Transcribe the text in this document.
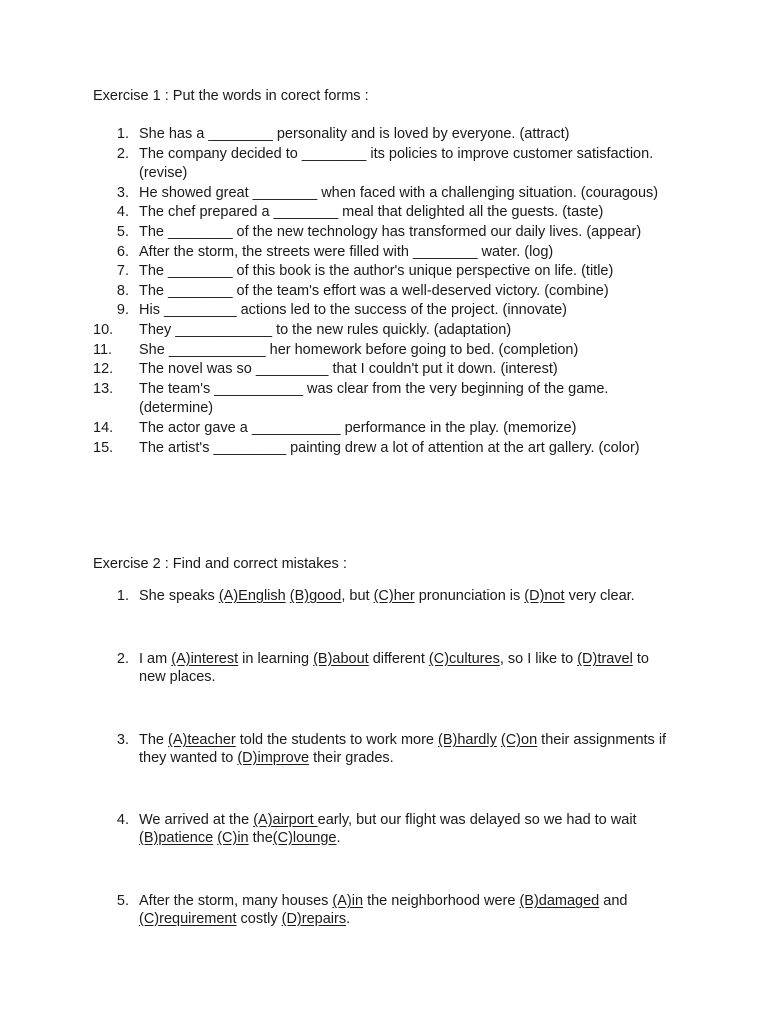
Exercise 1 : Put the words in corect forms :
1. She has a ________ personality and is loved by everyone. (attract)
2. The company decided to ________ its policies to improve customer satisfaction. (revise)
3. He showed great ________ when faced with a challenging situation. (couragous)
4. The chef prepared a ________ meal that delighted all the guests. (taste)
5. The ________ of the new technology has transformed our daily lives. (appear)
6. After the storm, the streets were filled with ________ water. (log)
7. The ________ of this book is the author's unique perspective on life. (title)
8. The ________ of the team's effort was a well-deserved victory. (combine)
9. His _________ actions led to the success of the project. (innovate)
10.	They ____________ to the new rules quickly. (adaptation)
11.	She ____________ her homework before going to bed. (completion)
12.	The novel was so _________ that I couldn't put it down. (interest)
13.	The team's ___________ was clear from the very beginning of the game. (determine)
14.	The actor gave a ___________ performance in the play. (memorize)
15.	The artist's _________ painting drew a lot of attention at the art gallery. (color)
Exercise 2 : Find and correct mistakes :
1. She speaks (A)English (B)good, but (C)her pronunciation is (D)not very clear.
2. I am (A)interest in learning (B)about different (C)cultures, so I like to (D)travel to new places.
3. The (A)teacher told the students to work more (B)hardly (C)on their assignments if they wanted to (D)improve their grades.
4. We arrived at the (A)airport early, but our flight was delayed so we had to wait (B)patience (C)in the(C)lounge.
5. After the storm, many houses (A)in the neighborhood were (B)damaged and (C)requirement costly (D)repairs.
